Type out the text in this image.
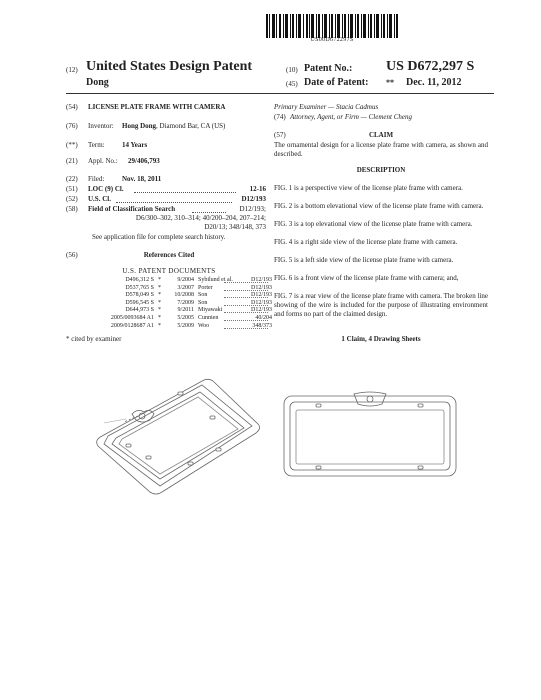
US00D672297S
(12) United States Design Patent
Dong
(10) Patent No.: US D672,297 S
(45) Date of Patent: ** Dec. 11, 2012
(54)	LICENSE PLATE FRAME WITH CAMERA
(76)	Inventor: Hong Dong, Diamond Bar, CA (US)
(**)	Term: 14 Years
(21)	Appl. No.: 29/406,793
(22)	Filed:	Nov. 18, 2011
(51)	LOC (9) Cl.	12-16
(52)	U.S. Cl.	D12/193
(58)	Field of Classification Search	D12/193;
D6/300–302, 310–314; 40/200–204, 207–214;
D20/13; 348/148, 373
See application file for complete search history.
(56)	References Cited
U.S. PATENT DOCUMENTS
D496,312 S *	9/2004 Sybilund et al.	D12/193
D537,765 S *	3/2007 Porter	D12/193
D578,049 S *	10/2008 Son	D12/193
D596,545 S *	7/2009 Son	D12/193
D644,973 S *	9/2011 Miyawaki	D12/193
2005/0093684 A1 *	5/2005 Cunnien	40/204
2009/0128687 A1 *	5/2009 Woo	348/373
* cited by examiner
Primary Examiner — Stacia Cadmus
(74) Attorney, Agent, or Firm — Clement Cheng
(57)	CLAIM
The ornamental design for a license plate frame with camera, as shown and described.
DESCRIPTION
FIG. 1 is a perspective view of the license plate frame with camera.
FIG. 2 is a bottom elevational view of the license plate frame with camera.
FIG. 3 is a top elevational view of the license plate frame with camera.
FIG. 4 is a right side view of the license plate frame with camera.
FIG. 5 is a left side view of the license plate frame with camera.
FIG. 6 is a front view of the license plate frame with camera; and,
FIG. 7 is a rear view of the license plate frame with camera. The broken line showing of the wire is included for the purpose of illustrating environment and forms no part of the claimed design.
1 Claim, 4 Drawing Sheets
